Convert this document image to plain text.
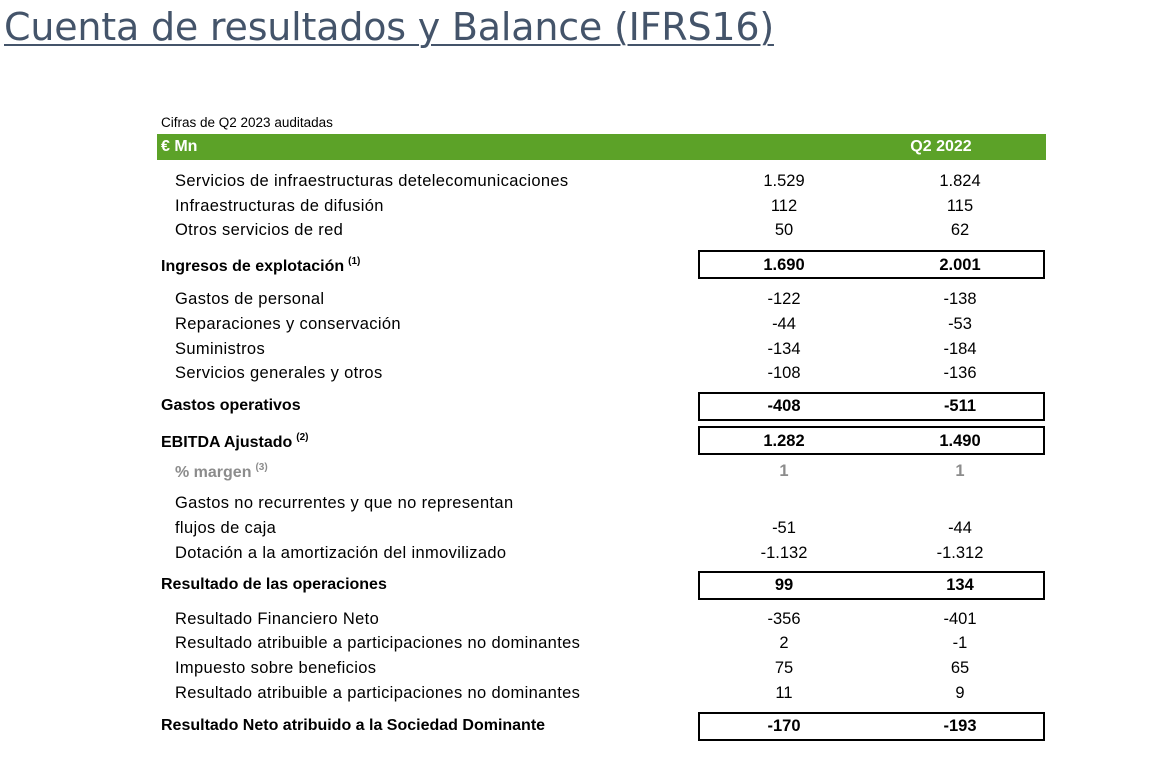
Cuenta de resultados y Balance (IFRS16)
Cifras de Q2 2023 auditadas
€ Mn	Q2 2022	Q2 2023
Servicios de infraestructuras detelecomunicaciones	1.529	1.824
Infraestructuras de difusión	112	115
Otros servicios de red	50	62
Ingresos de explotación $^{(1)}$	1.690	2.001
Gastos de personal	-122	-138
Reparaciones y conservación	-44	-53
Suministros	-134	-184
Servicios generales y otros	-108	-136
Gastos operativos	-408	-511
EBITDA Ajustado $^{(2)}$	1.282	1.490
% margen $^{(3)}$	1	1
Gastos no recurrentes y que no representan
flujos de caja	-51	-44
Dotación a la amortización del inmovilizado	-1.132	-1.312
Resultado de las operaciones	99	134
Resultado Financiero Neto	-356	-401
Resultado atribuible a participaciones no dominantes	2	-1
Impuesto sobre beneficios	75	65
Resultado atribuible a participaciones no dominantes	11	9
Resultado Neto atribuido a la Sociedad Dominante	-170	-193
